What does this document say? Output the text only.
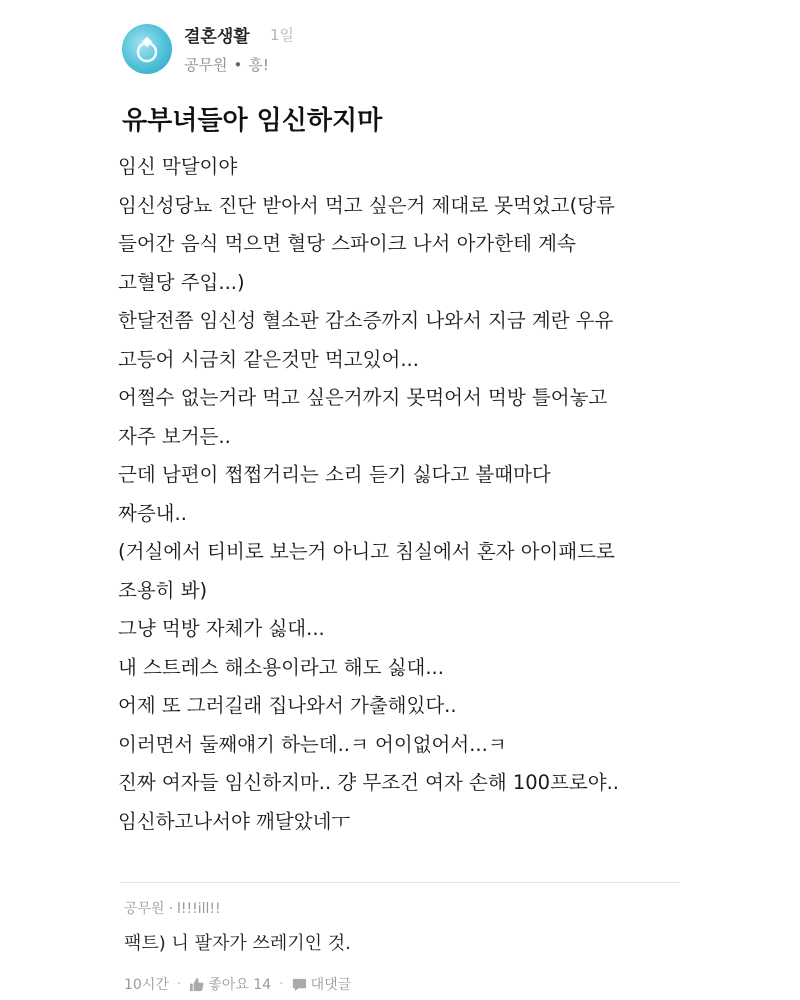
결혼생활 1일
공무원 • 흥!
유부녀들아 임신하지마
임신 막달이야
임신성당뇨 진단 받아서 먹고 싶은거 제대로 못먹었고(당류
들어간 음식 먹으면 혈당 스파이크 나서 아가한테 계속
고혈당 주입...)
한달전쯤 임신성 혈소판 감소증까지 나와서 지금 계란 우유
고등어 시금치 같은것만 먹고있어...
어쩔수 없는거라 먹고 싶은거까지 못먹어서 먹방 틀어놓고
자주 보거든..
근데 남편이 쩝쩝거리는 소리 듣기 싫다고 볼때마다
짜증내..
(거실에서 티비로 보는거 아니고 침실에서 혼자 아이패드로
조용히 봐)
그냥 먹방 자체가 싫대...
내 스트레스 해소용이라고 해도 싫대...
어제 또 그러길래 집나와서 가출해있다..
이러면서 둘째얘기 하는데..ㅋ 어이없어서...ㅋ
진짜 여자들 임신하지마.. 걍 무조건 여자 손해 100프로야..
임신하고나서야 깨달았네ㅜ
공무원 · l!!!ill!!
팩트) 니 팔자가 쓰레기인 것.
10시간 · 좋아요 14 · 대댓글
